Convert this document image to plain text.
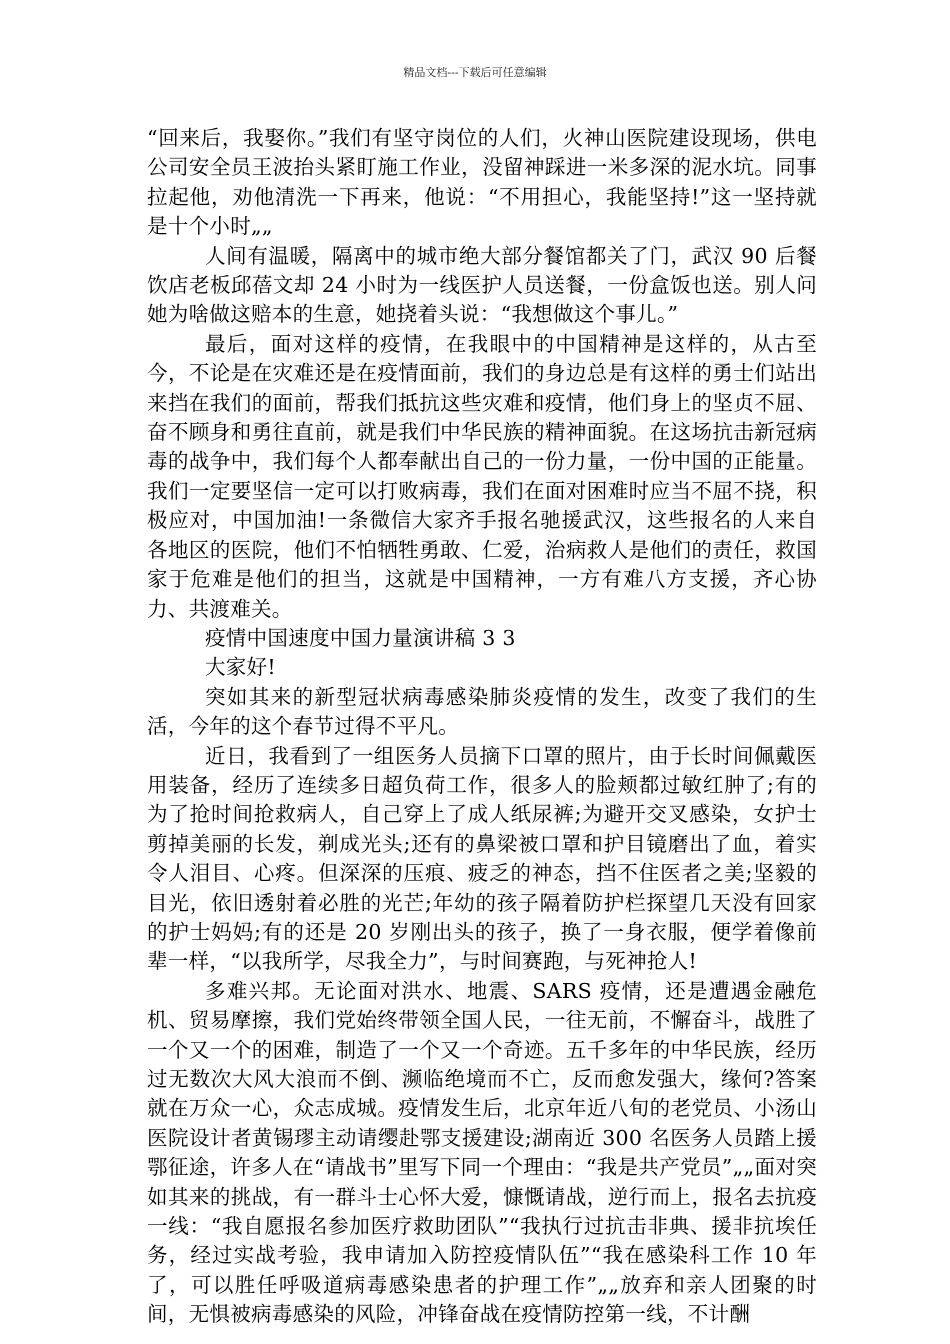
精品文档---下载后可任意编辑

“回来后，我娶你。”我们有坚守岗位的人们，火神山医院建设现场，供电公司安全员王波抬头紧盯施工作业，没留神踩进一米多深的泥水坑。同事拉起他，劝他清洗一下再来，他说：“不用担心，我能坚持!”这一坚持就是十个小时„„

人间有温暖，隔离中的城市绝大部分餐馆都关了门，武汉 90 后餐饮店老板邱蓓文却 24 小时为一线医护人员送餐，一份盒饭也送。别人问她为啥做这赔本的生意，她挠着头说：“我想做这个事儿。”

最后，面对这样的疫情，在我眼中的中国精神是这样的，从古至今，不论是在灾难还是在疫情面前，我们的身边总是有这样的勇士们站出来挡在我们的面前，帮我们抵抗这些灾难和疫情，他们身上的坚贞不屈、奋不顾身和勇往直前，就是我们中华民族的精神面貌。在这场抗击新冠病毒的战争中，我们每个人都奉献出自己的一份力量，一份中国的正能量。我们一定要坚信一定可以打败病毒，我们在面对困难时应当不屈不挠，积极应对，中国加油!一条微信大家齐手报名驰援武汉，这些报名的人来自各地区的医院，他们不怕牺牲勇敢、仁爱，治病救人是他们的责任，救国家于危难是他们的担当，这就是中国精神，一方有难八方支援，齐心协力、共渡难关。

疫情中国速度中国力量演讲稿 3 3

大家好!

突如其来的新型冠状病毒感染肺炎疫情的发生，改变了我们的生活，今年的这个春节过得不平凡。

近日，我看到了一组医务人员摘下口罩的照片，由于长时间佩戴医用装备，经历了连续多日超负荷工作，很多人的脸颊都过敏红肿了;有的为了抢时间抢救病人，自己穿上了成人纸尿裤;为避开交叉感染，女护士剪掉美丽的长发，剃成光头;还有的鼻梁被口罩和护目镜磨出了血，着实令人泪目、心疼。但深深的压痕、疲乏的神态，挡不住医者之美;坚毅的目光，依旧透射着必胜的光芒;年幼的孩子隔着防护栏探望几天没有回家的护士妈妈;有的还是 20 岁刚出头的孩子，换了一身衣服，便学着像前辈一样，“以我所学，尽我全力”，与时间赛跑，与死神抢人!

多难兴邦。无论面对洪水、地震、SARS 疫情，还是遭遇金融危机、贸易摩擦，我们党始终带领全国人民，一往无前，不懈奋斗，战胜了一个又一个的困难，制造了一个又一个奇迹。五千多年的中华民族，经历过无数次大风大浪而不倒、濒临绝境而不亡，反而愈发强大，缘何?答案就在万众一心，众志成城。疫情发生后，北京年近八旬的老党员、小汤山医院设计者黄锡璆主动请缨赴鄂支援建设;湖南近 300 名医务人员踏上援鄂征途，许多人在“请战书”里写下同一个理由：“我是共产党员”„„面对突如其来的挑战，有一群斗士心怀大爱，慷慨请战，逆行而上，报名去抗疫一线：“我自愿报名参加医疗救助团队”“我执行过抗击非典、援非抗埃任务，经过实战考验，我申请加入防控疫情队伍”“我在感染科工作 10 年了，可以胜任呼吸道病毒感染患者的护理工作”„„放弃和亲人团聚的时间，无惧被病毒感染的风险，冲锋奋战在疫情防控第一线，不计酬
